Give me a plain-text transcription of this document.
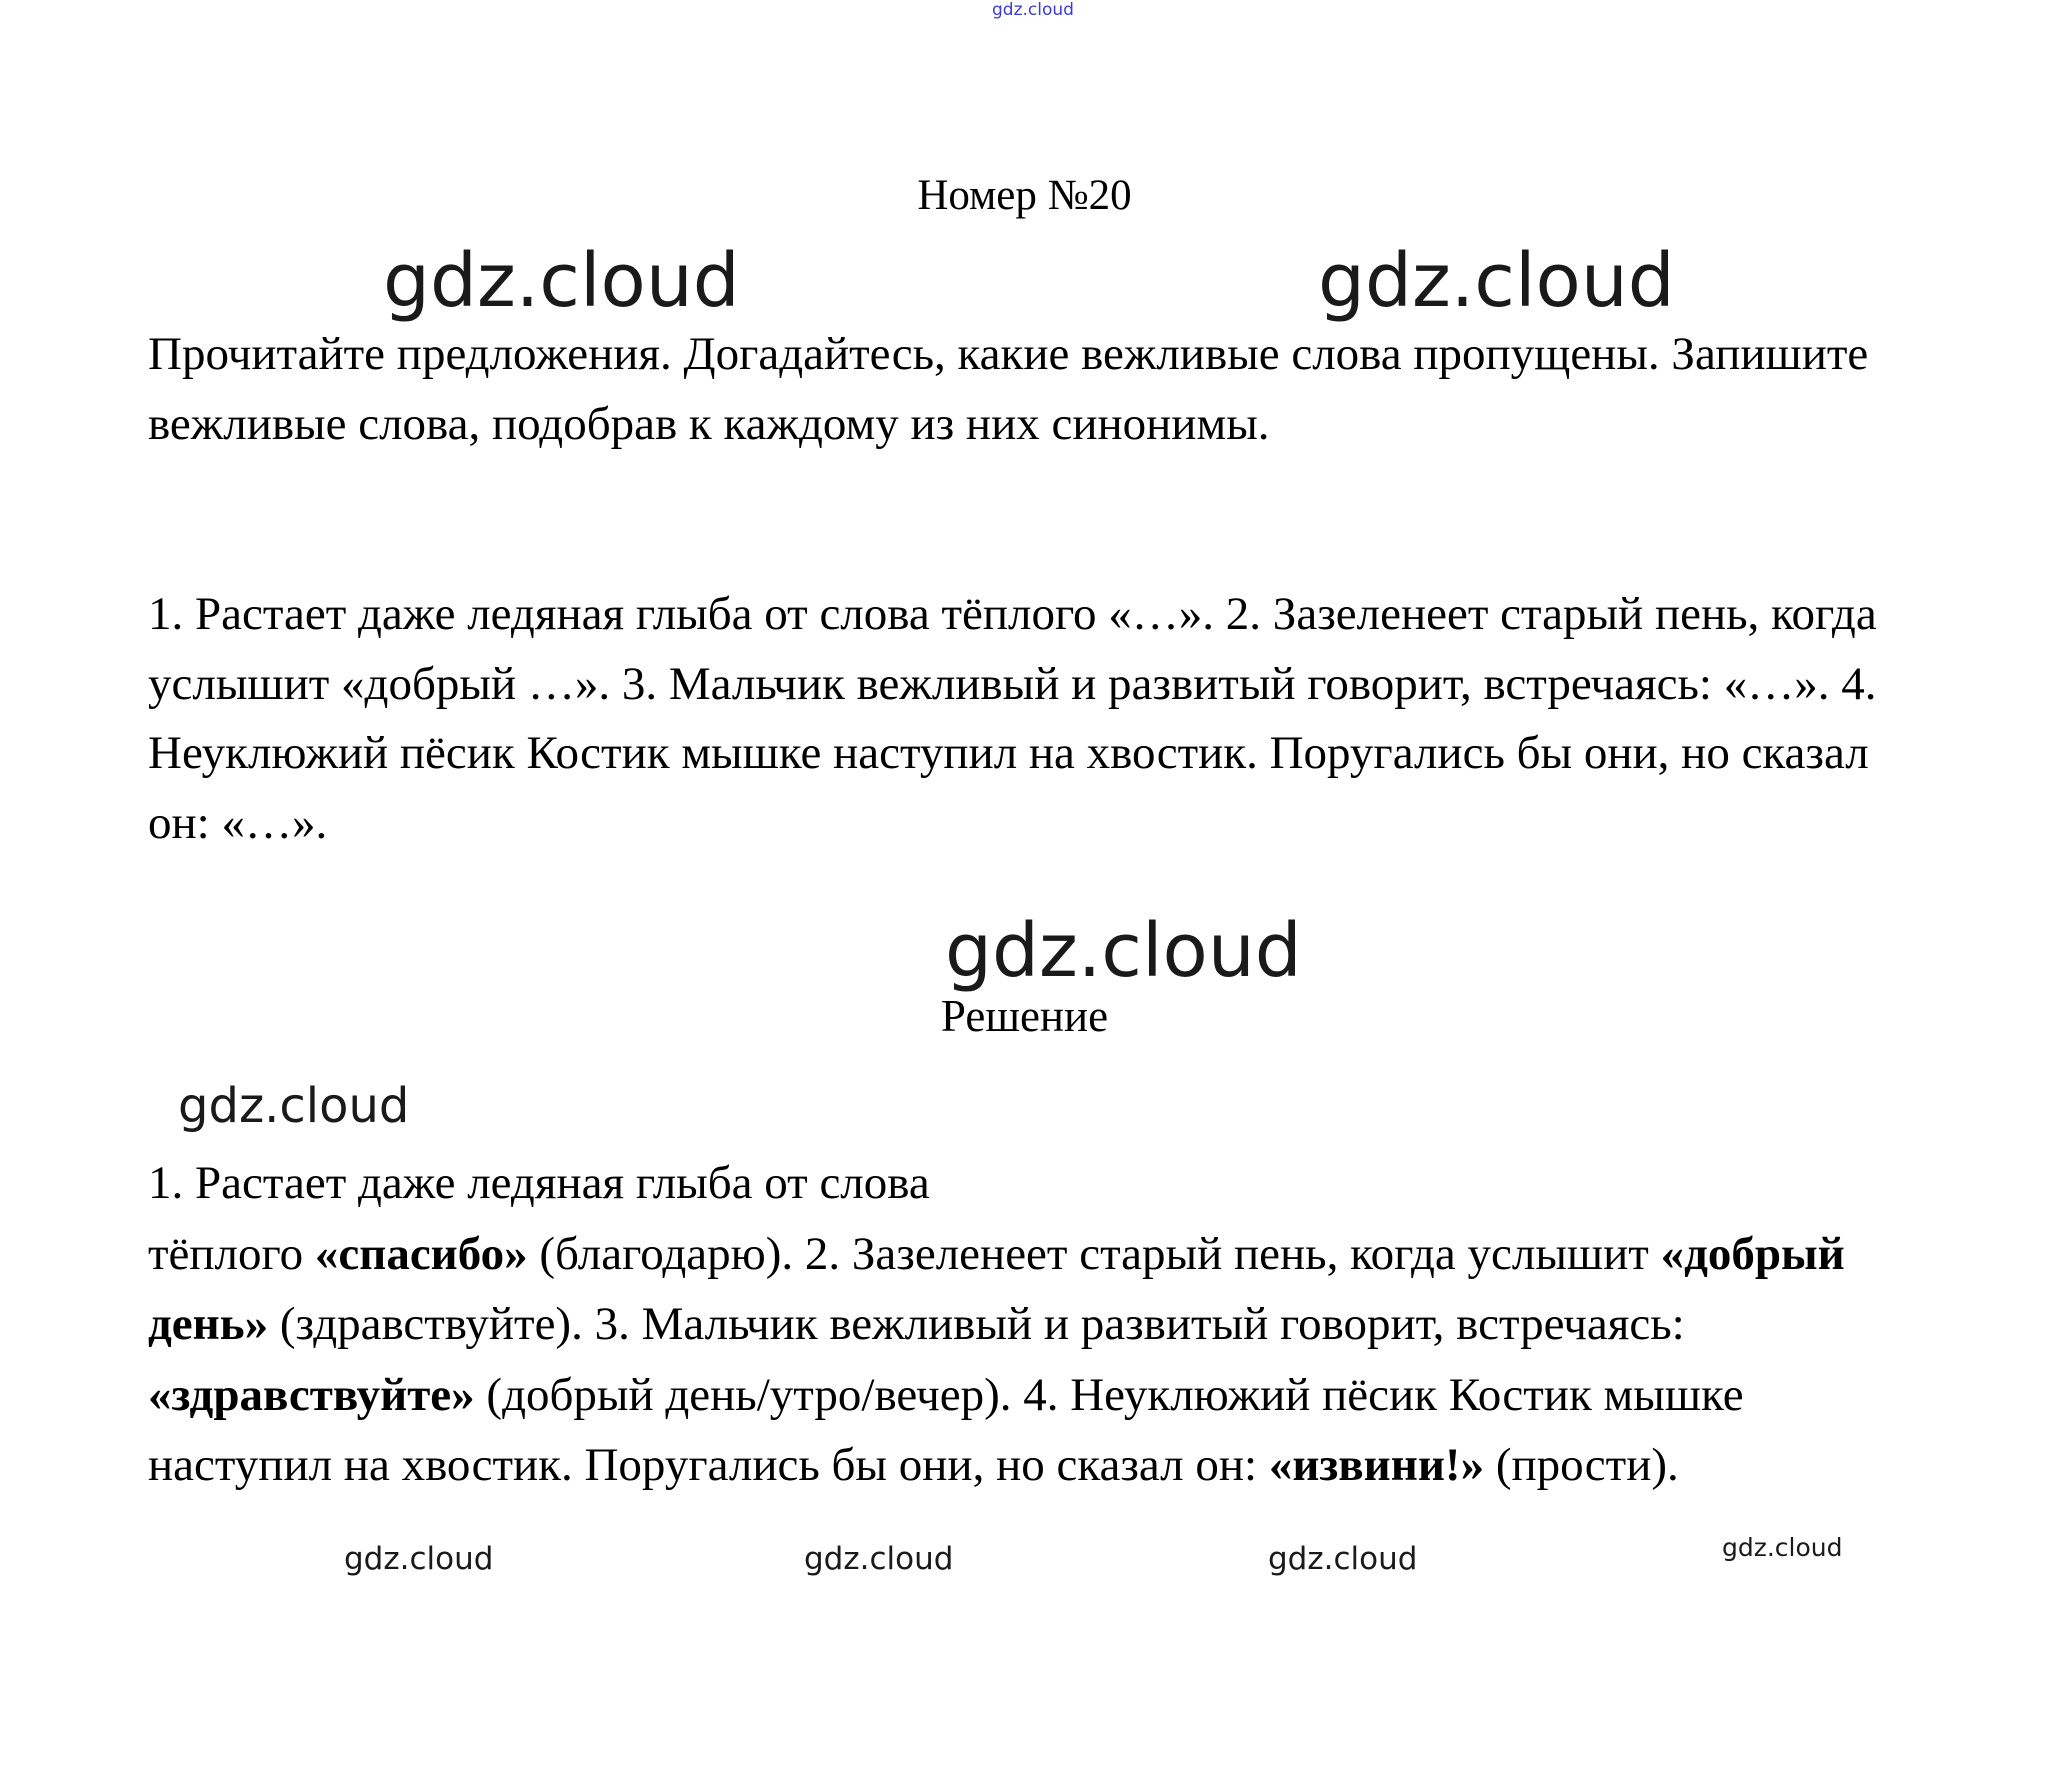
gdz.cloud
Номер №20
gdz.cloud	gdz.cloud
Прочитайте предложения. Догадайтесь, какие вежливые слова пропущены. Запишите вежливые слова, подобрав к каждому из них синонимы.
1. Растает даже ледяная глыба от слова тёплого «…». 2. Зазеленеет старый пень, когда услышит «добрый …». 3. Мальчик вежливый и развитый говорит, встречаясь: «…». 4. Неуклюжий пёсик Костик мышке наступил на хвостик. Поругались бы они, но сказал он: «…».
gdz.cloud
Решение
gdz.cloud
1. Растает даже ледяная глыба от слова
тёплого «спасибо» (благодарю). 2. Зазеленеет старый пень, когда услышит «добрый день» (здравствуйте). 3. Мальчик вежливый и развитый говорит, встречаясь: «здравствуйте» (добрый день/утро/вечер). 4. Неуклюжий пёсик Костик мышке наступил на хвостик. Поругались бы они, но сказал он: «извини!» (прости).
gdz.cloud	gdz.cloud	gdz.cloud	gdz.cloud
